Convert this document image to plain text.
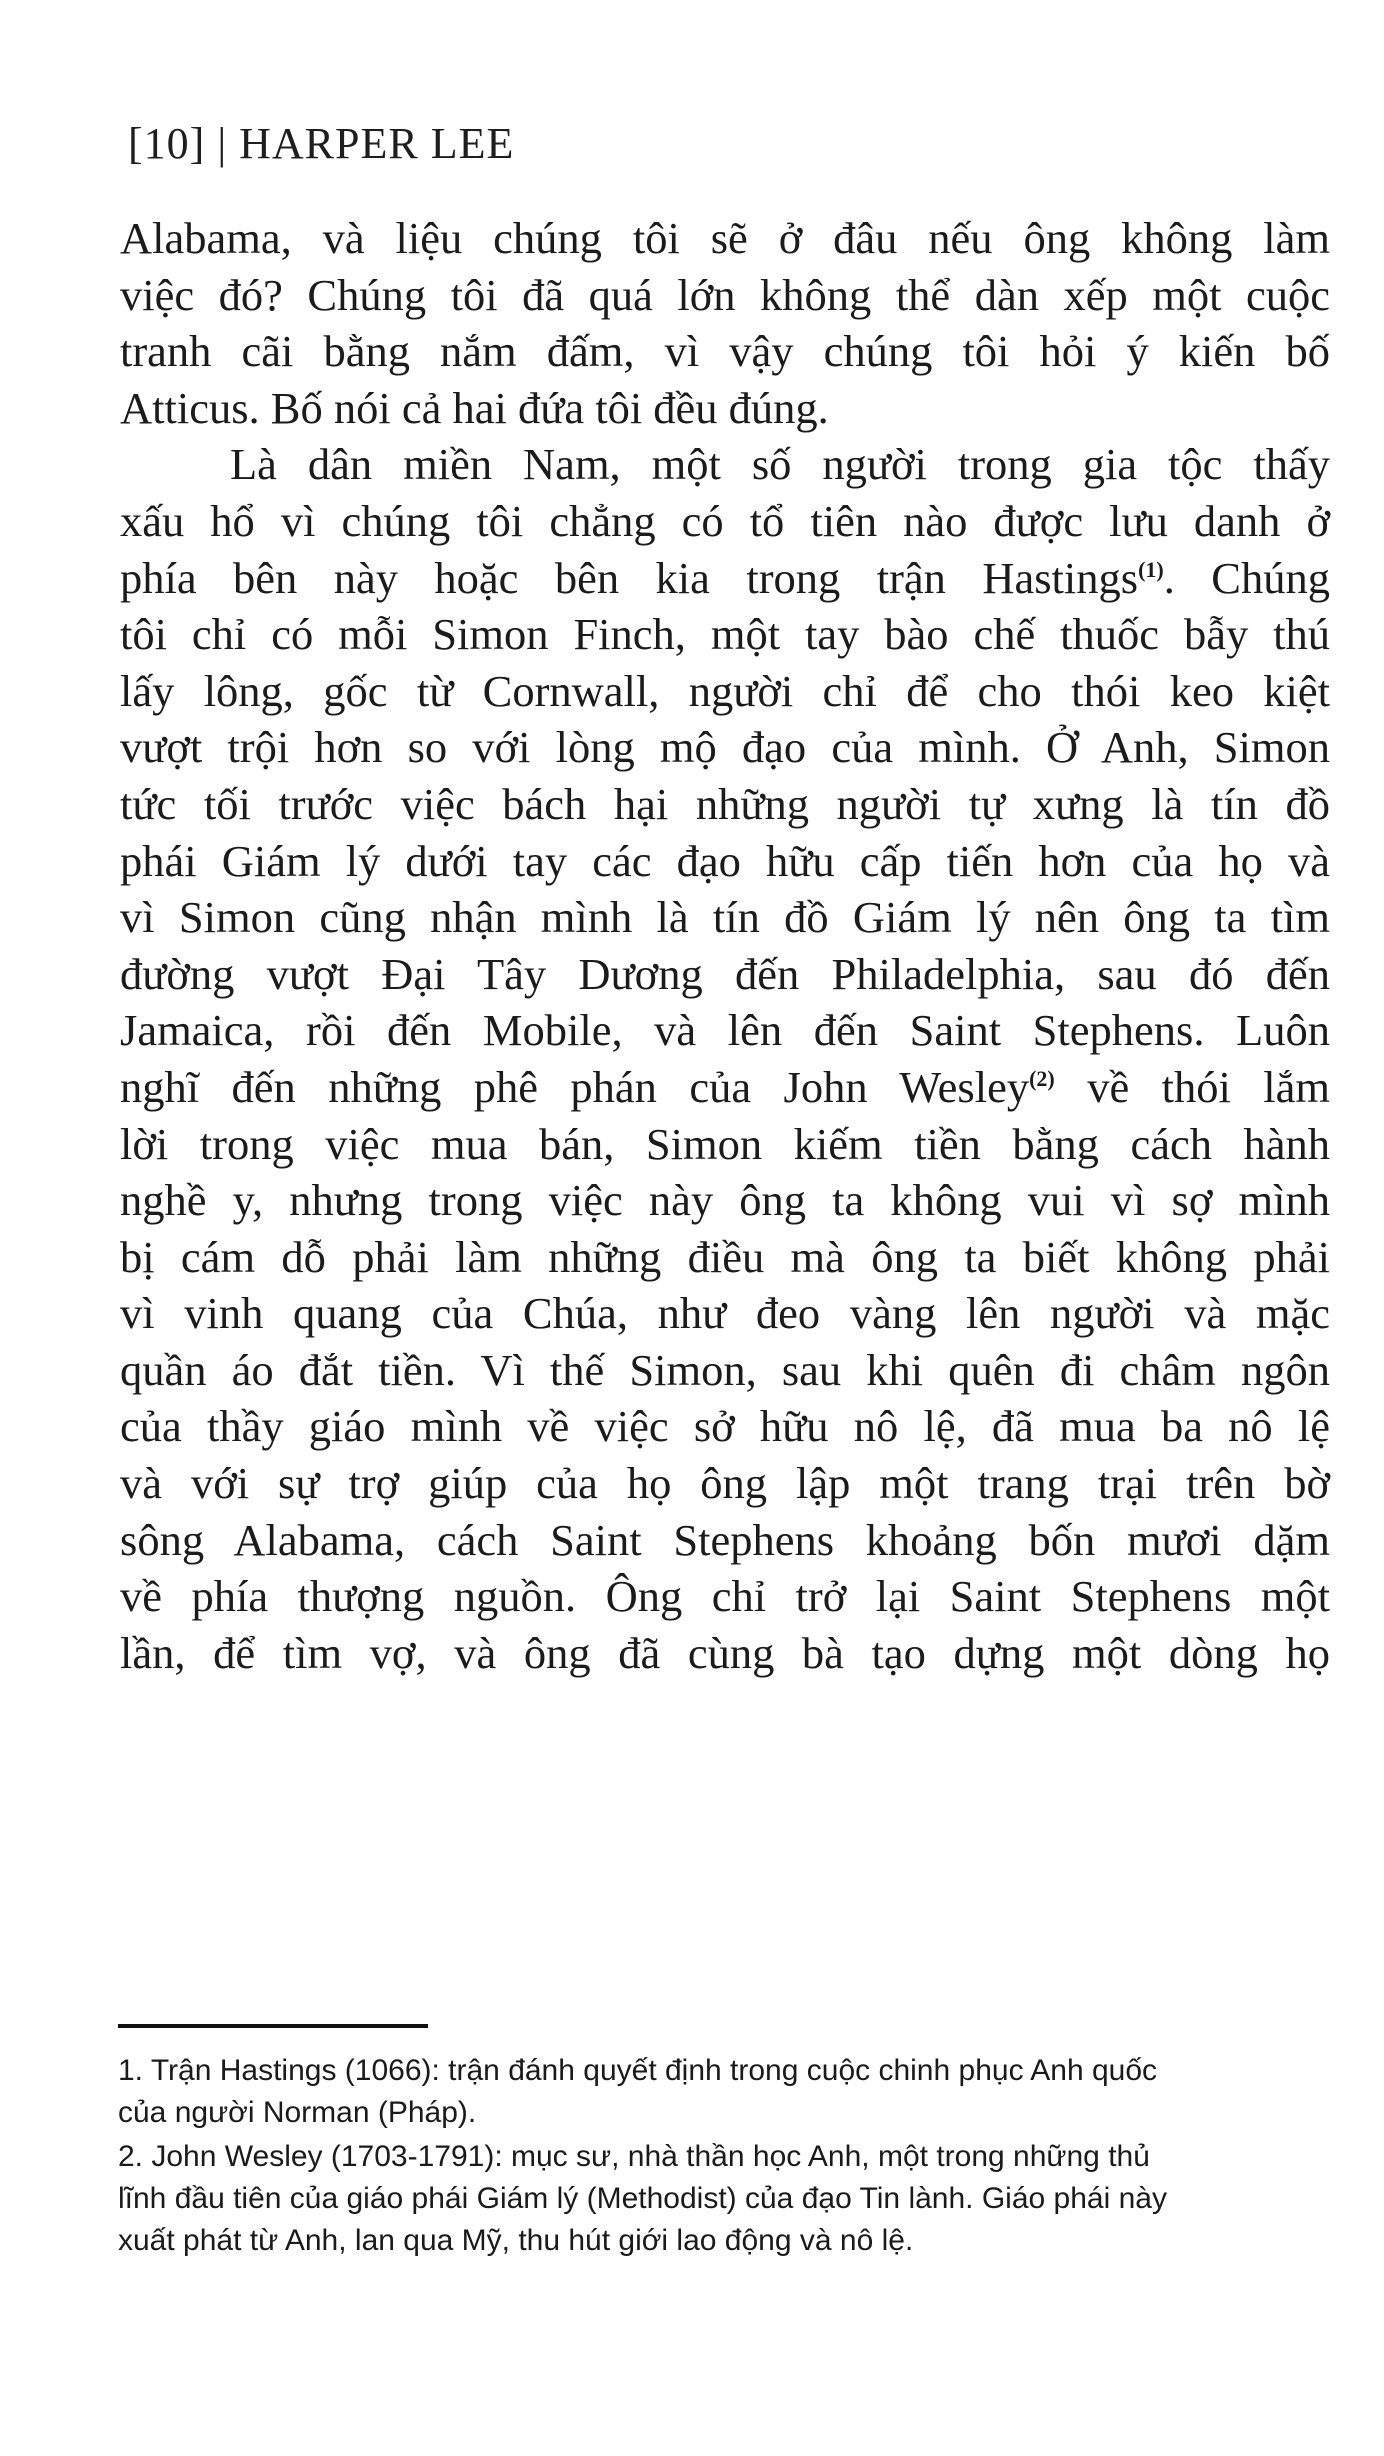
[10] | HARPER LEE

Alabama, và liệu chúng tôi sẽ ở đâu nếu ông không làm
việc đó? Chúng tôi đã quá lớn không thể dàn xếp một cuộc
tranh cãi bằng nắm đấm, vì vậy chúng tôi hỏi ý kiến bố
Atticus. Bố nói cả hai đứa tôi đều đúng.

Là dân miền Nam, một số người trong gia tộc thấy
xấu hổ vì chúng tôi chẳng có tổ tiên nào được lưu danh ở
phía bên này hoặc bên kia trong trận Hastings$^{(1)}$. Chúng
tôi chỉ có mỗi Simon Finch, một tay bào chế thuốc bẫy thú
lấy lông, gốc từ Cornwall, người chỉ để cho thói keo kiệt
vượt trội hơn so với lòng mộ đạo của mình. Ở Anh, Simon
tức tối trước việc bách hại những người tự xưng là tín đồ
phái Giám lý dưới tay các đạo hữu cấp tiến hơn của họ và
vì Simon cũng nhận mình là tín đồ Giám lý nên ông ta tìm
đường vượt Đại Tây Dương đến Philadelphia, sau đó đến
Jamaica, rồi đến Mobile, và lên đến Saint Stephens. Luôn
nghĩ đến những phê phán của John Wesley$^{(2)}$ về thói lắm
lời trong việc mua bán, Simon kiếm tiền bằng cách hành
nghề y, nhưng trong việc này ông ta không vui vì sợ mình
bị cám dỗ phải làm những điều mà ông ta biết không phải
vì vinh quang của Chúa, như đeo vàng lên người và mặc
quần áo đắt tiền. Vì thế Simon, sau khi quên đi châm ngôn
của thầy giáo mình về việc sở hữu nô lệ, đã mua ba nô lệ
và với sự trợ giúp của họ ông lập một trang trại trên bờ
sông Alabama, cách Saint Stephens khoảng bốn mươi dặm
về phía thượng nguồn. Ông chỉ trở lại Saint Stephens một
lần, để tìm vợ, và ông đã cùng bà tạo dựng một dòng họ

1. Trận Hastings (1066): trận đánh quyết định trong cuộc chinh phục Anh quốc
của người Norman (Pháp).

2. John Wesley (1703-1791): mục sư, nhà thần học Anh, một trong những thủ
lĩnh đầu tiên của giáo phái Giám lý (Methodist) của đạo Tin lành. Giáo phái này
xuất phát từ Anh, lan qua Mỹ, thu hút giới lao động và nô lệ.
